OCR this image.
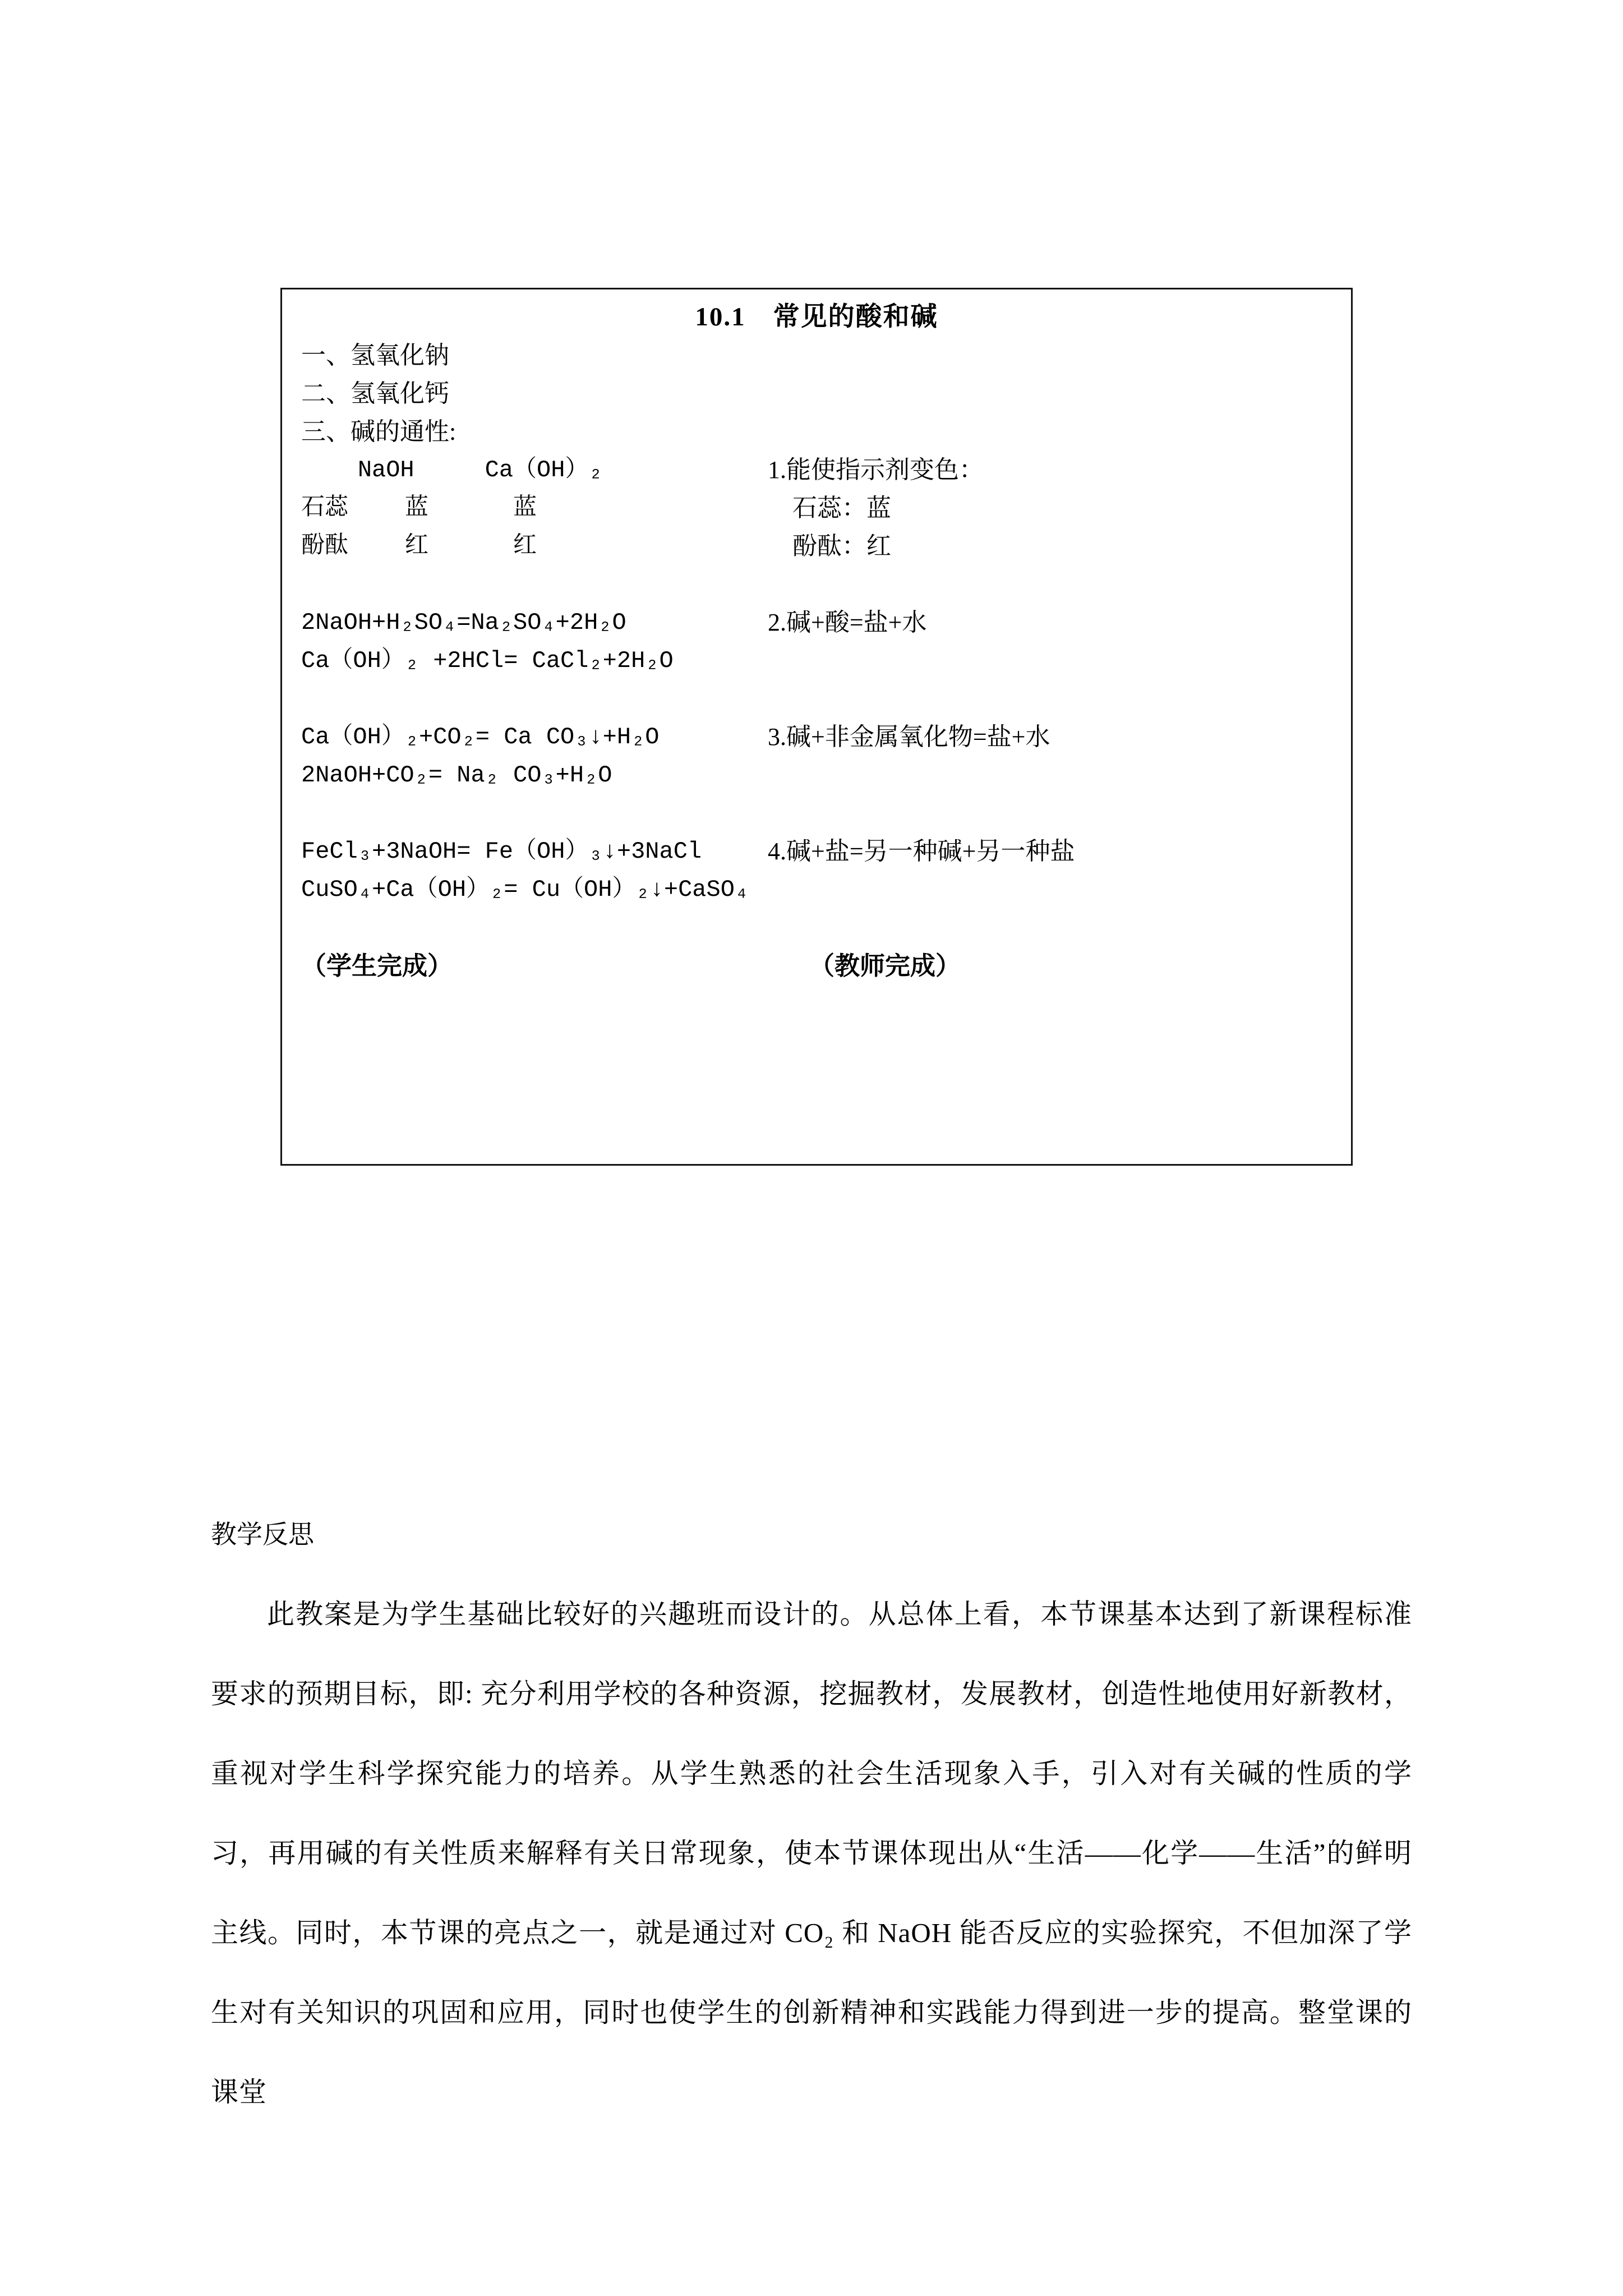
10.1　常见的酸和碱
一、氢氧化钠
二、氢氧化钙
三、碱的通性:
NaOH     Ca（OH）₂	1.能使指示剂变色：
石蕊    蓝      蓝	　石蕊：蓝
酚酞    红      红	　酚酞：红
2NaOH+H₂SO₄=Na₂SO₄+2H₂O	2.碱+酸=盐+水
Ca（OH）₂ +2HCl= CaCl₂+2H₂O
Ca（OH）₂+CO₂= Ca CO₃↓+H₂O	3.碱+非金属氧化物=盐+水
2NaOH+CO₂= Na₂ CO₃+H₂O
FeCl₃+3NaOH= Fe（OH）₃↓+3NaCl	4.碱+盐=另一种碱+另一种盐
CuSO₄+Ca（OH）₂= Cu（OH）₂↓+CaSO₄
（学生完成）	（教师完成）
教学反思

此教案是为学生基础比较好的兴趣班而设计的。从总体上看，本节课基本达到了新课程标准要求的预期目标，即: 充分利用学校的各种资源，挖掘教材，发展教材，创造性地使用好新教材，重视对学生科学探究能力的培养。从学生熟悉的社会生活现象入手，引入对有关碱的性质的学习，再用碱的有关性质来解释有关日常现象，使本节课体现出从“生活——化学——生活”的鲜明主线。同时，本节课的亮点之一，就是通过对 CO₂ 和 NaOH 能否反应的实验探究，不但加深了学生对有关知识的巩固和应用，同时也使学生的创新精神和实践能力得到进一步的提高。整堂课的课堂
